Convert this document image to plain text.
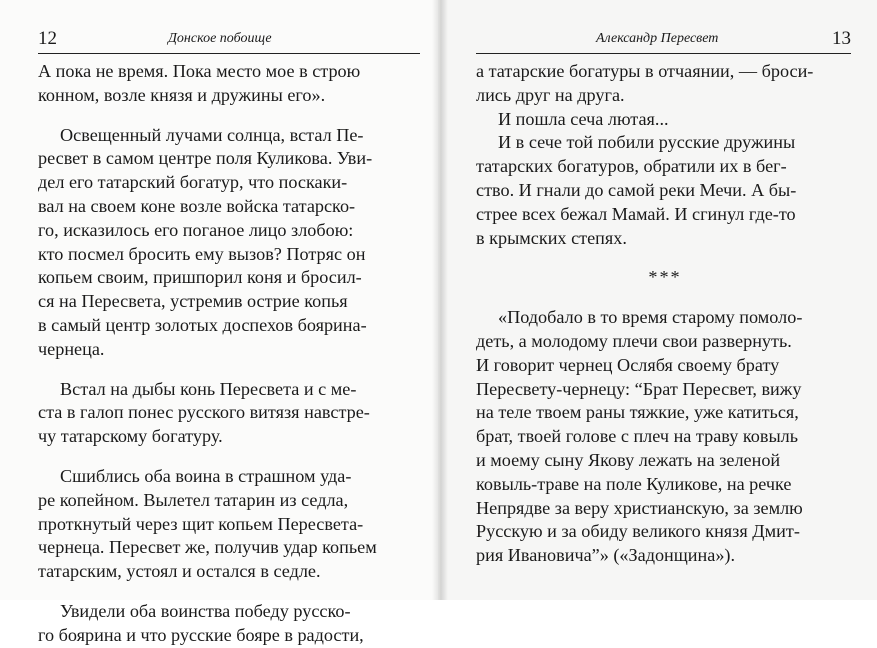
12	Донское побоище
А пока не время. Пока место мое в строю
конном, возле князя и дружины его».
Освещенный лучами солнца, встал Пе-
ресвет в самом центре поля Куликова. Уви-
дел его татарский богатур, что поскаки-
вал на своем коне возле войска татарско-
го, исказилось его поганое лицо злобою:
кто посмел бросить ему вызов? Потряс он
копьем своим, пришпорил коня и бросил-
ся на Пересвета, устремив острие копья
в самый центр золотых доспехов боярина-
чернеца.
Встал на дыбы конь Пересвета и с ме-
ста в галоп понес русского витязя навстре-
чу татарскому богатуру.
Сшиблись оба воина в страшном уда-
ре копейном. Вылетел татарин из седла,
проткнутый через щит копьем Пересвета-
чернеца. Пересвет же, получив удар копьем
татарским, устоял и остался в седле.
Увидели оба воинства победу русско-
го боярина и что русские бояре в радости,
Александр Пересвет	13
а татарские богатуры в отчаянии, — броси-
лись друг на друга.
И пошла сеча лютая...
И в сече той побили русские дружины
татарских богатуров, обратили их в бег-
ство. И гнали до самой реки Мечи. А бы-
стрее всех бежал Мамай. И сгинул где-то
в крымских степях.
***
«Подобало в то время старому помоло-
деть, а молодому плечи свои развернуть.
И говорит чернец Ослябя своему брату
Пересвету-чернецу: “Брат Пересвет, вижу
на теле твоем раны тяжкие, уже катиться,
брат, твоей голове с плеч на траву ковыль
и моему сыну Якову лежать на зеленой
ковыль-траве на поле Куликове, на речке
Непрядве за веру христианскую, за землю
Русскую и за обиду великого князя Дмит-
рия Ивановича”» («Задонщина»).
